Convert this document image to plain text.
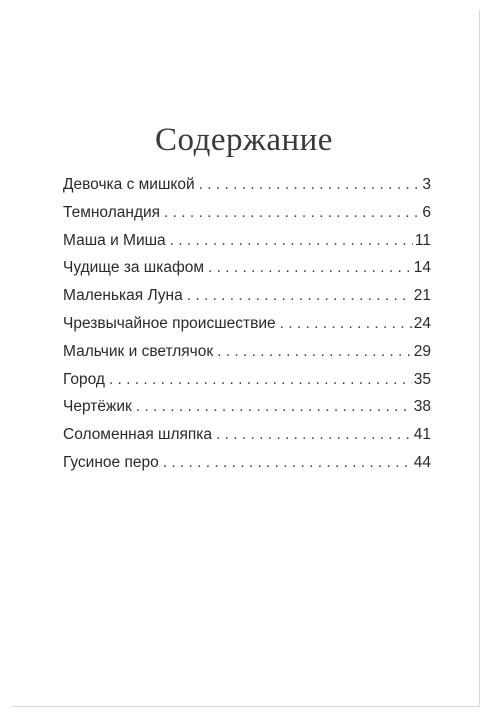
Содержание
Девочка с мишкой . . .	3
Темноландия . . .	6
Маша и Миша . . .	11
Чудище за шкафом . . .	14
Маленькая Луна . . .	21
Чрезвычайное происшествие . . .	24
Мальчик и светлячок . . .	29
Город . . .	35
Чертёжик . . .	38
Соломенная шляпка . . .	41
Гусиное перо . . .	44
